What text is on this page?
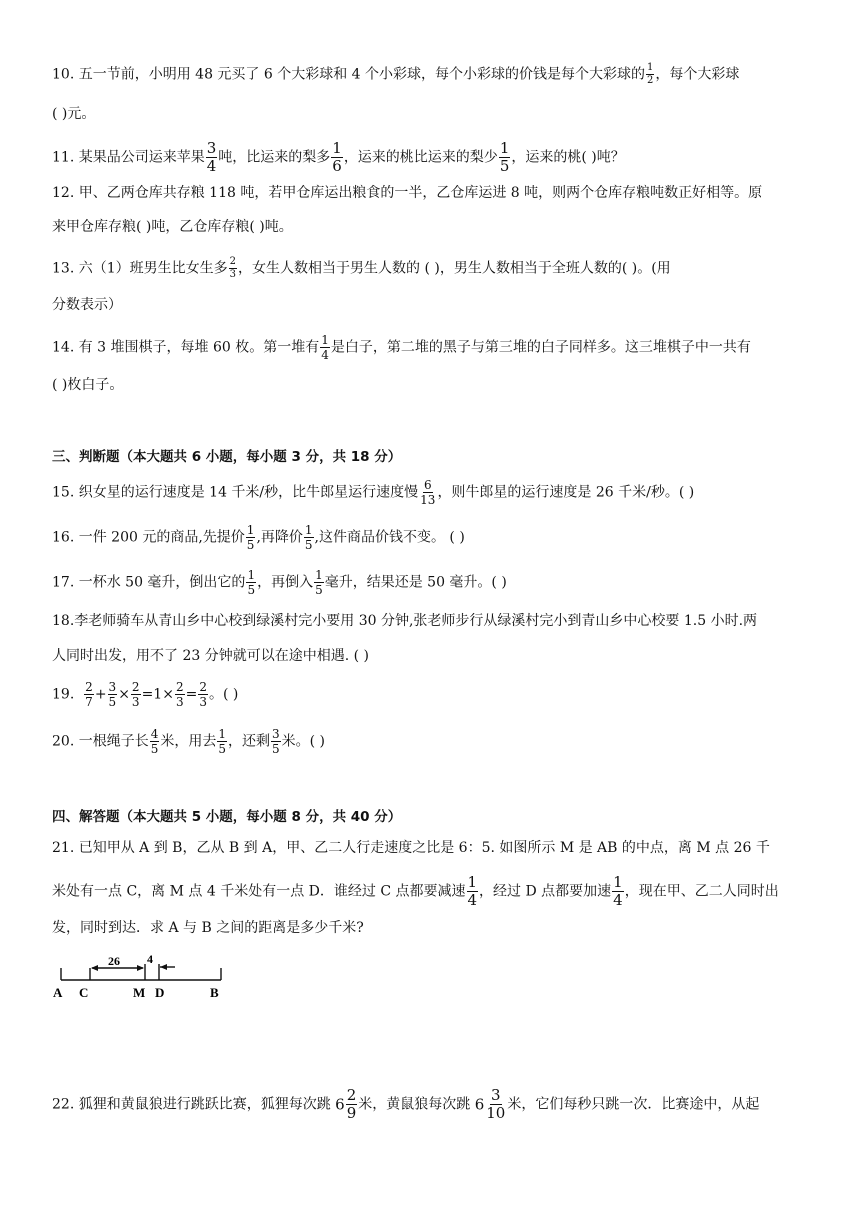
10. 五一节前，小明用 48 元买了 6 个大彩球和 4 个小彩球，每个小彩球的价钱是每个大彩球的 $\frac{1}{2}$ ，每个大彩球
( )元。
11. 某果品公司运来苹果 $\frac{3}{4}$ 吨，比运来的梨多 $\frac{1}{6}$ ，运来的桃比运来的梨少 $\frac{1}{5}$ ，运来的桃( )吨？
12. 甲、乙两仓库共存粮 118 吨，若甲仓库运出粮食的一半，乙仓库运进 8 吨，则两个仓库存粮吨数正好相等。原
来甲仓库存粮( )吨，乙仓库存粮( )吨。
13. 六（1）班男生比女生多 $\frac{2}{3}$ ，女生人数相当于男生人数的 ( )，男生人数相当于全班人数的( )。(用
分数表示）
14. 有 3 堆围棋子，每堆 60 枚。第一堆有 $\frac{1}{4}$ 是白子，第二堆的黑子与第三堆的白子同样多。这三堆棋子中一共有
( )枚白子。
三、判断题（本大题共 6 小题，每小题 3 分，共 18 分）
15. 织女星的运行速度是 14 千米/秒，比牛郎星运行速度慢 $\frac{6}{13}$ ，则牛郎星的运行速度是 26 千米/秒。( )
16. 一件 200 元的商品,先提价 $\frac{1}{5}$ ,再降价 $\frac{1}{5}$ ,这件商品价钱不变。 ( )
17. 一杯水 50 毫升，倒出它的 $\frac{1}{5}$ ，再倒入 $\frac{1}{5}$ 毫升，结果还是 50 毫升。( )
18.李老师骑车从青山乡中心校到绿溪村完小要用 30 分钟,张老师步行从绿溪村完小到青山乡中心校要 1.5 小时.两
人同时出发，用不了 23 分钟就可以在途中相遇. ( )
19. $\frac{2}{7} + \frac{3}{5} \times \frac{2}{3} =1\times \frac{2}{3} = \frac{2}{3}$ 。( )
20. 一根绳子长 $\frac{4}{5}$ 米，用去 $\frac{1}{5}$ ，还剩 $\frac{3}{5}$ 米。( )
四、解答题（本大题共 5 小题，每小题 8 分，共 40 分）
21. 已知甲从 A 到 B，乙从 B 到 A，甲、乙二人行走速度之比是 6：5. 如图所示 M 是 AB 的中点，离 M 点 26 千
米处有一点 C，离 M 点 4 千米处有一点 D．谁经过 C 点都要减速 $\frac{1}{4}$ ，经过 D 点都要加速 $\frac{1}{4}$ ，现在甲、乙二人同时出
发，同时到达．求 A 与 B 之间的距离是多少千米?
26 4
A C	M D	B
22. 狐狸和黄鼠狼进行跳跃比赛，狐狸每次跳 $6 \frac{2}{9}$ 米，黄鼠狼每次跳 $6 \frac{3}{10}$ 米，它们每秒只跳一次．比赛途中，从起
